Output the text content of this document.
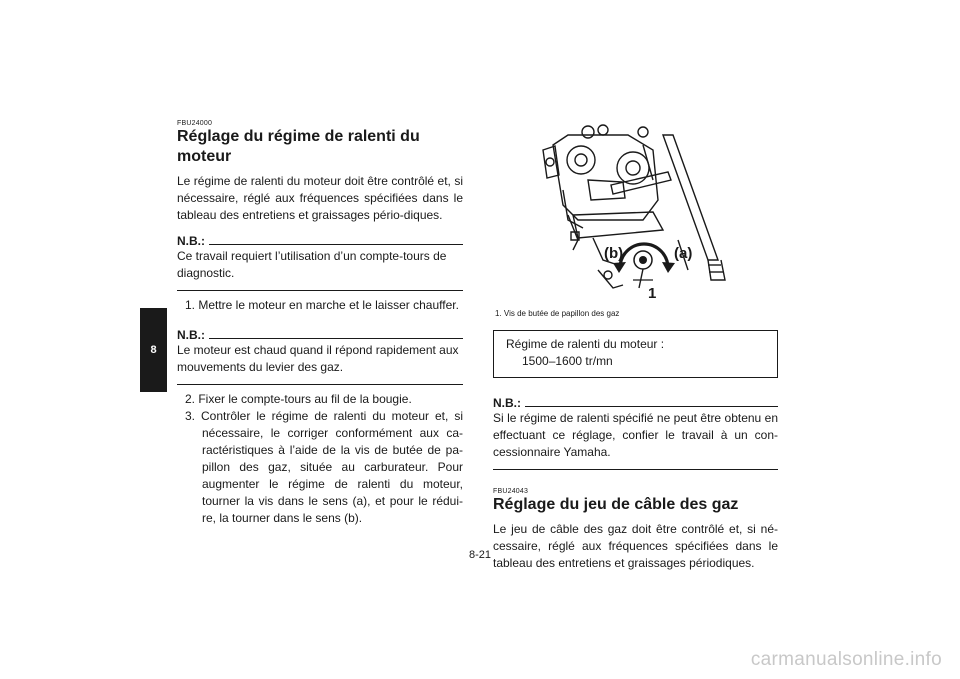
8

FBU24000

Réglage du régime de ralenti du moteur

Le régime de ralenti du moteur doit être contrôlé et, si nécessaire, réglé aux fréquences spécifiées dans le tableau des entretiens et graissages pério-diques.

N.B.:

Ce travail requiert l’utilisation d’un compte-tours de diagnostic.

1. Mettre le moteur en marche et le laisser chauffer.
N.B.:

Le moteur est chaud quand il répond rapidement aux mouvements du levier des gaz.

2. Fixer le compte-tours au fil de la bougie.
3. Contrôler le régime de ralenti du moteur et, si nécessaire, le corriger conformément aux ca-ractéristiques à l’aide de la vis de butée de pa-pillon des gaz, située au carburateur. Pour augmenter le régime de ralenti du moteur, tourner la vis dans le sens (a), et pour le rédui-re, la tourner dans le sens (b).
(b)	(a)
1

1. Vis de butée de papillon des gaz

Régime de ralenti du moteur :
1500–1600 tr/mn
N.B.:

Si le régime de ralenti spécifié ne peut être obtenu en effectuant ce réglage, confier le travail à un con-cessionnaire Yamaha.

FBU24043

Réglage du jeu de câble des gaz

Le jeu de câble des gaz doit être contrôlé et, si né-cessaire, réglé aux fréquences spécifiées dans le tableau des entretiens et graissages périodiques.

8-21
carmanualsonline.info
